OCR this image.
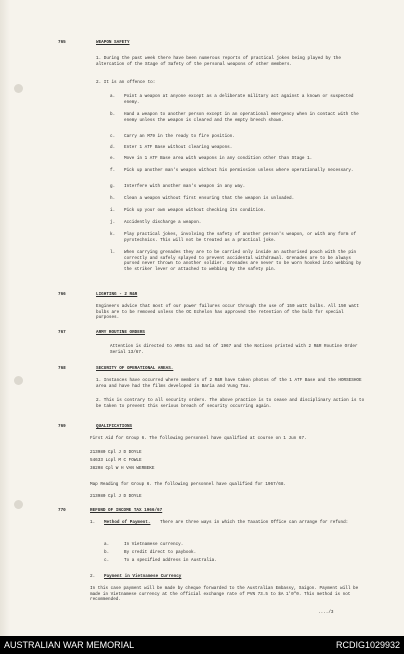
765	WEAPON SAFETY
1. During the past week there have been numerous reports of practical jokes being played by the altercation of the Stage of Safety of the personal weapons of other members.
2. It is an offence to:
a. Point a weapon at anyone except as a deliberate military act against a known or suspected enemy.
b. Hand a weapon to another person except in an operational emergency when in contact with the enemy unless the weapon is cleared and the empty breech shown.
c. Carry an M79 in the ready to fire position.
d. Enter 1 ATF Base without clearing weapons.
e. Move in 1 ATF Base area with weapons in any condition other than Stage 1.
f. Pick up another man's weapon without his permission unless where operationally necessary.
g. Interfere with another man's weapon in any way.
h. Clean a weapon without first ensuring that the weapon is unloaded.
i. Pick up your own weapon without checking its condition.
j. Accidently discharge a weapon.
k. Play practical jokes, involving the safety of another person's weapon, or with any form of pyrotechnics. This will not be treated as a practical joke.
l. When carrying grenades they are to be carried only inside an authorised pouch with the pin correctly and safely splayed to prevent accidental withdrawal. Grenades are to be always pursed never thrown to another soldier. Grenades are never to be worn hooked into webbing by the striker lever or attached to webbing by the safety pin.
766	LIGHTING - 2 R&R
Engineers advice that most of our power failures occur through the use of 150 watt bulbs. All 150 watt bulbs are to be removed unless the OC Echelon has approved the retention of the bulb for special purposes.
767	ARMY ROUTINE ORDERS
Attention is directed to AROs 51 and 54 of 1967 and the Notices printed with 2 R&R Routine Order Serial 13/67.
768	SECURITY OF OPERATIONAL AREAS.
1. Instances have occurred where members of 2 R&R have taken photos of the 1 ATF Base and the HORSESHOE area and have had the films developed in Baria and Vung Tau.
2. This is contrary to all security orders. The above practice is to cease and disciplinary action is to be taken to prevent this serious breach of security occurring again.
769	QUALIFICATIONS
First Aid for Group 6. The following personnel have qualified at course on 1 Jun 67.
213980 Cpl J D DOYLE
54633 Lcpl M C FOWLE
38208 Cpl W H VAN WERBEKE
Map Reading for Group 6. The following personnel have qualified for 1967/68.
213980 Cpl J D DOYLE
770	REFUND OF INCOME TAX 1966/67
1. Method of Payment.	There are three ways in which the Taxation Office can arrange for refund:
a.	In Vietnamese currency.
b.	By credit direct to paybook.
c.	To a specified address in Australia.
2. Payment in Vietnamese Currency
In this case payment will be made by cheque forwarded to the Australian Embassy, Saigon. Payment will be made in Vietnamese currency at the official exchange rate of PVN 73.5 to $A 1'0"0. This method is not recommended.
..../3
AUSTRALIAN WAR MEMORIAL	RCDIG1029932
